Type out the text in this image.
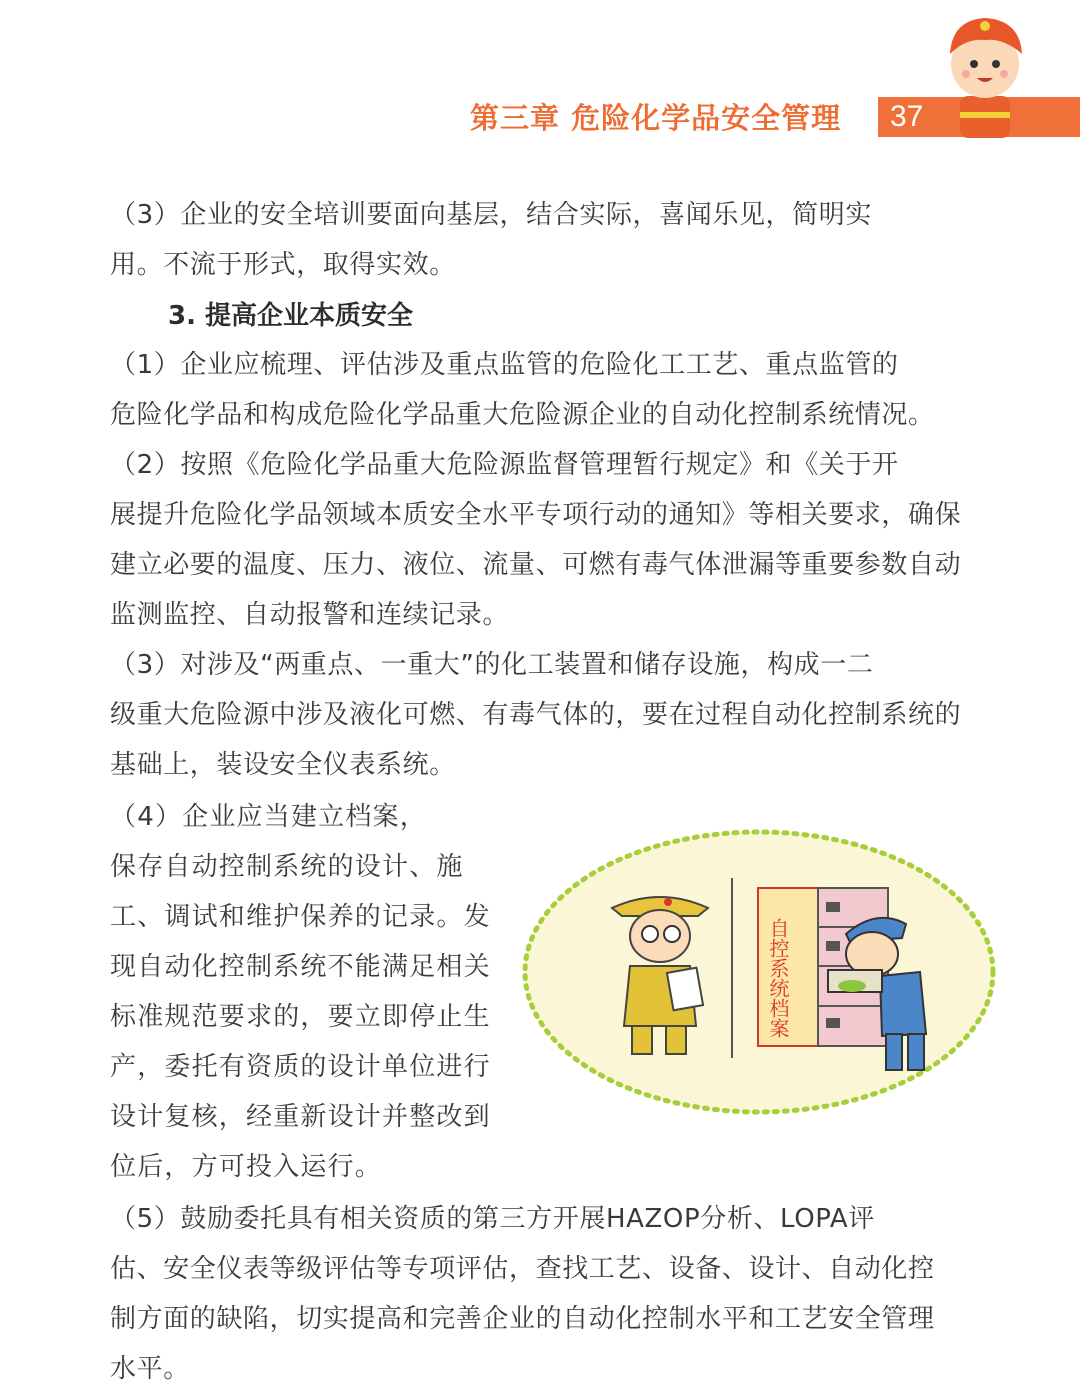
第三章 危险化学品安全管理 37

（3）企业的安全培训要面向基层，结合实际，喜闻乐见，简明实

用。不流于形式，取得实效。

3. 提高企业本质安全

（1）企业应梳理、评估涉及重点监管的危险化工工艺、重点监管的

危险化学品和构成危险化学品重大危险源企业的自动化控制系统情况。

（2）按照《危险化学品重大危险源监督管理暂行规定》和《关于开

展提升危险化学品领域本质安全水平专项行动的通知》等相关要求，确保

建立必要的温度、压力、液位、流量、可燃有毒气体泄漏等重要参数自动

监测监控、自动报警和连续记录。

（3）对涉及“两重点、一重大”的化工装置和储存设施，构成一二

级重大危险源中涉及液化可燃、有毒气体的，要在过程自动化控制系统的

基础上，装设安全仪表系统。

（4）企业应当建立档案，

保存自动控制系统的设计、施

工、调试和维护保养的记录。发

现自动化控制系统不能满足相关

标准规范要求的，要立即停止生

产，委托有资质的设计单位进行

设计复核，经重新设计并整改到

位后，方可投入运行。

（5）鼓励委托具有相关资质的第三方开展HAZOP分析、LOPA评

估、安全仪表等级评估等专项评估，查找工艺、设备、设计、自动化控

制方面的缺陷，切实提高和完善企业的自动化控制水平和工艺安全管理

水平。

自控系统档案
